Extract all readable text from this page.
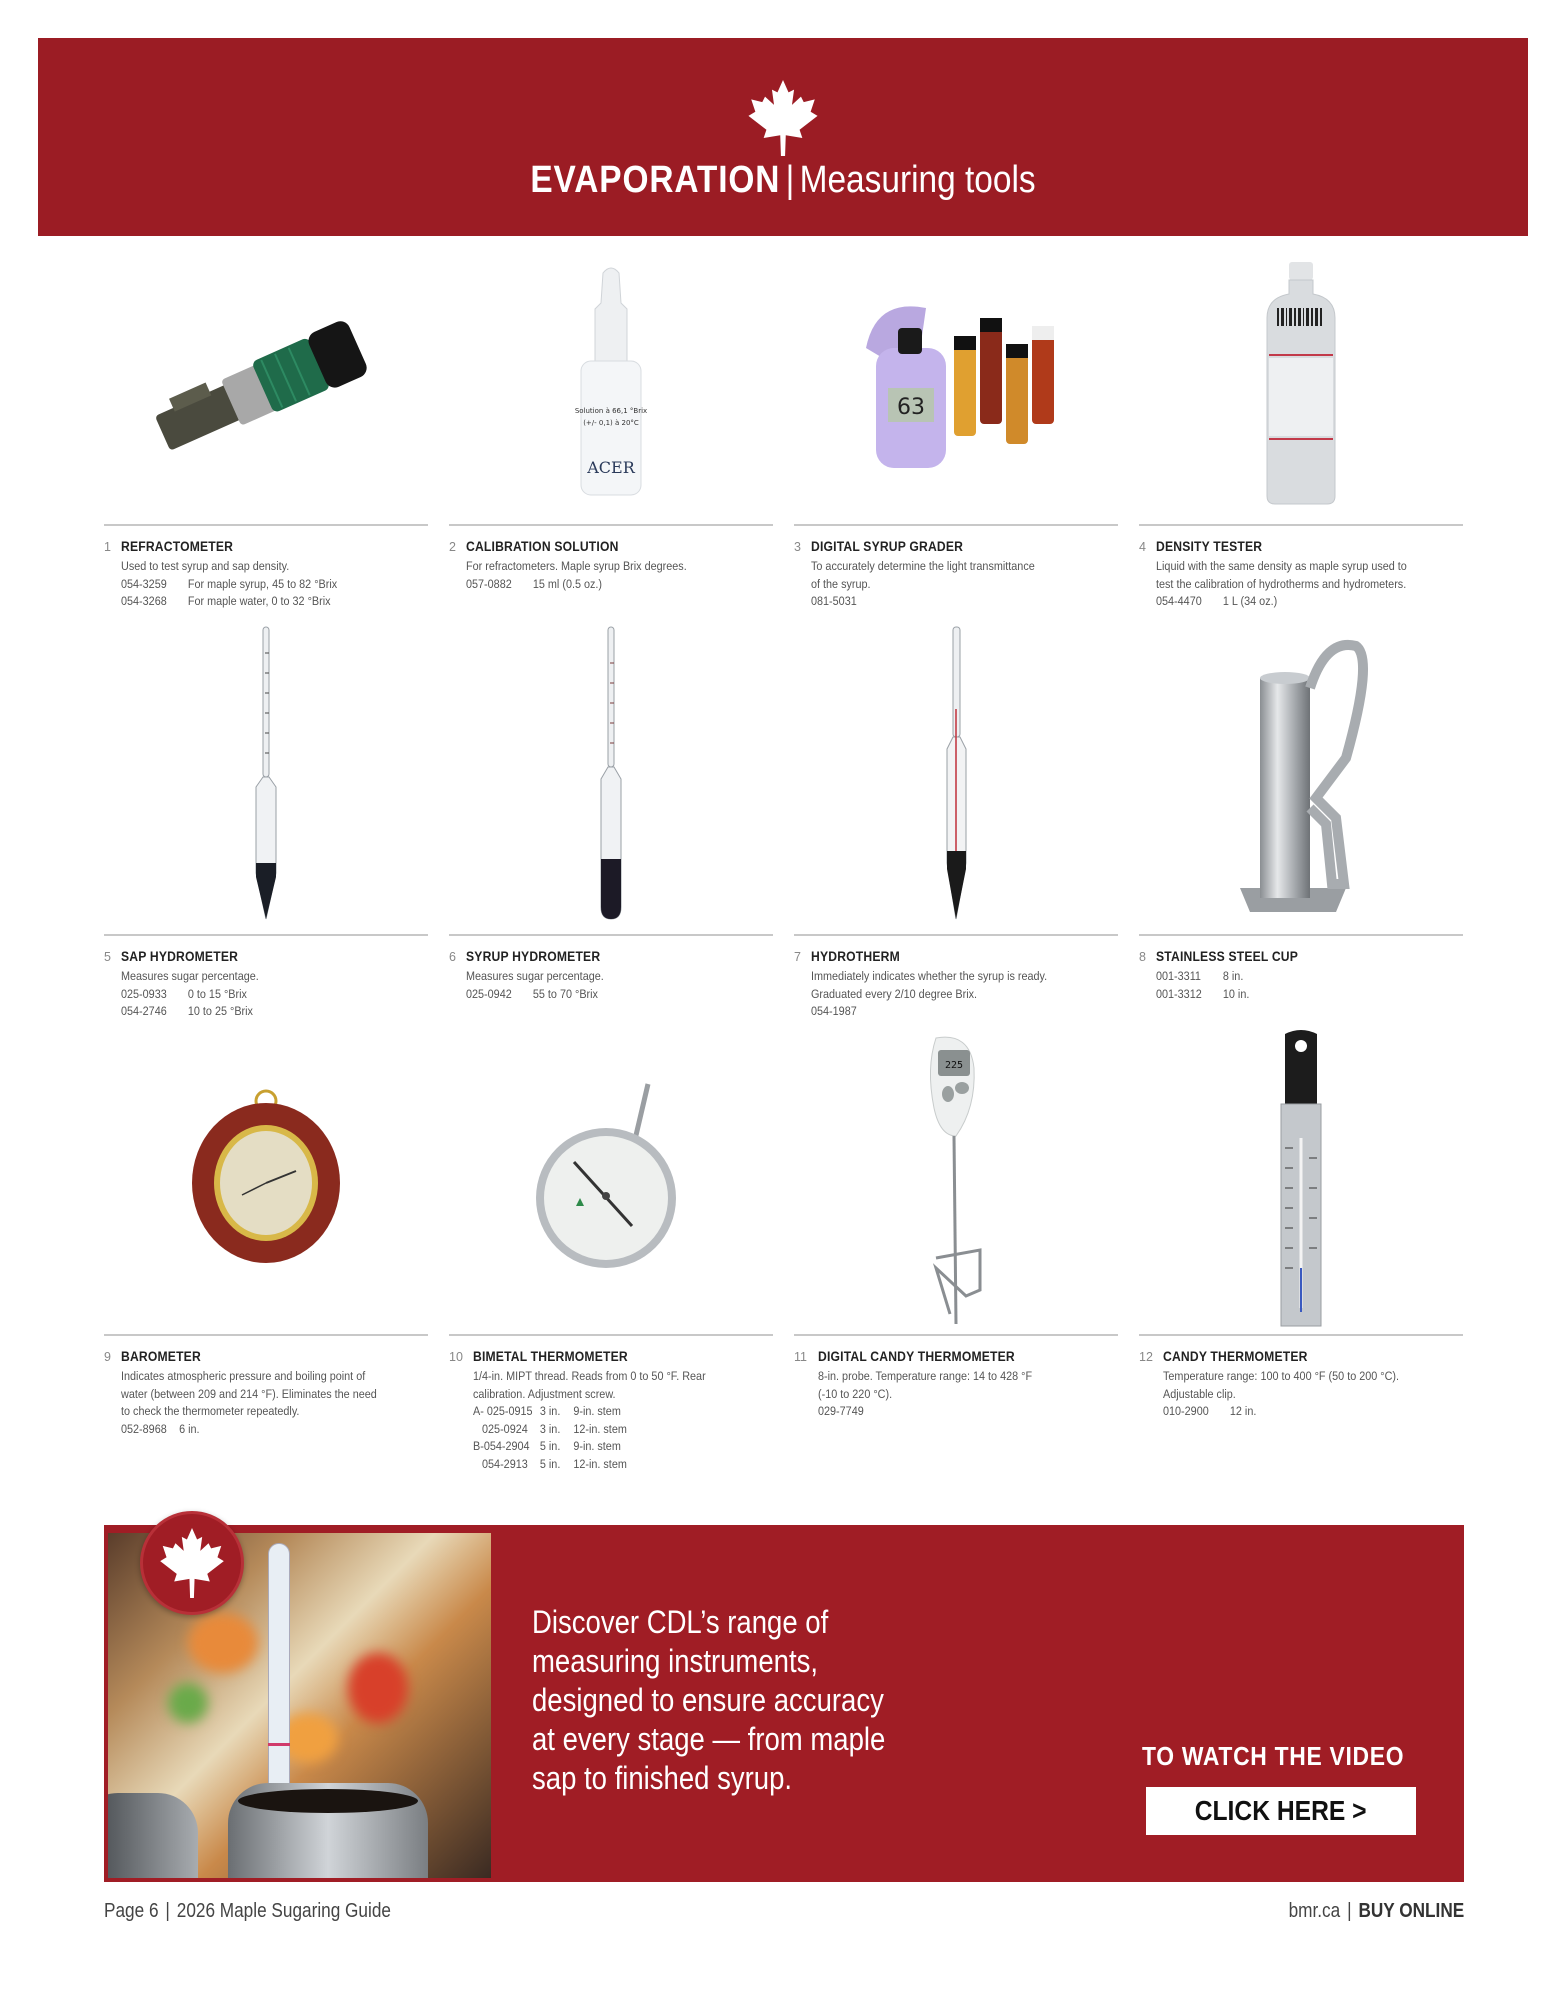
EVAPORATION | Measuring tools
1 REFRACTOMETER
Used to test syrup and sap density.
054-3259 For maple syrup, 45 to 82 °Brix
054-3268 For maple water, 0 to 32 °Brix
Solution à 66,1 °Brix
(+/- 0,1) à 20°C
ACER
2 CALIBRATION SOLUTION
For refractometers. Maple syrup Brix degrees.
057-0882 15 ml (0.5 oz.)
63
3 DIGITAL SYRUP GRADER
To accurately determine the light transmittance
of the syrup.
081-5031
4 DENSITY TESTER
Liquid with the same density as maple syrup used to
test the calibration of hydrotherms and hydrometers.
054-4470 1 L (34 oz.)
5 SAP HYDROMETER
Measures sugar percentage.
025-0933 0 to 15 °Brix
054-2746 10 to 25 °Brix
6 SYRUP HYDROMETER
Measures sugar percentage.
025-0942 55 to 70 °Brix
7 HYDROTHERM
Immediately indicates whether the syrup is ready.
Graduated every 2/10 degree Brix.
054-1987
8 STAINLESS STEEL CUP
001-3311 8 in.
001-3312 10 in.
9 BAROMETER
Indicates atmospheric pressure and boiling point of
water (between 209 and 214 °F). Eliminates the need
to check the thermometer repeatedly.
052-8968 6 in.
10 BIMETAL THERMOMETER
1/4-in. MIPT thread. Reads from 0 to 50 °F. Rear
calibration. Adjustment screw.
A- 025-0915 3 in. 9-in. stem
025-0924 3 in. 12-in. stem
B-054-2904 5 in. 9-in. stem
054-2913 5 in. 12-in. stem
225
11 DIGITAL CANDY THERMOMETER
8-in. probe. Temperature range: 14 to 428 °F
(-10 to 220 °C).
029-7749
12 CANDY THERMOMETER
Temperature range: 100 to 400 °F (50 to 200 °C).
Adjustable clip.
010-2900 12 in.
Discover CDL’s range of
measuring instruments,
designed to ensure accuracy
at every stage — from maple
sap to finished syrup.
TO WATCH THE VIDEO
CLICK HERE >
Page 6 | 2026 Maple Sugaring Guide	bmr.ca | BUY ONLINE
